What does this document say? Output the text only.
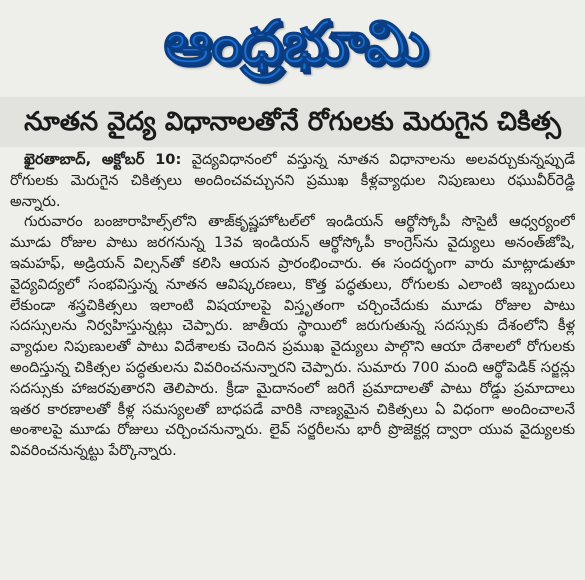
ఆంధ్రభూమి
నూతన వైద్య విధానాలతోనే రోగులకు మెరుగైన చికిత్స

ఖైరతాబాద్, అక్టోబర్ 10: వైద్యవిధానంలో వస్తున్న నూతన విధానాలను అలవర్చుకున్నప్పుడే రోగులకు మెరుగైన చికిత్సలు అందించవచ్చునని ప్రముఖ కీళ్లవ్యాధుల నిపుణులు రఘువీర్‌రెడ్డి అన్నారు.

గురువారం బంజారాహిల్స్‌లోని తాజ్‌కృష్ణహోటల్‌లో ఇండియన్ ఆర్థోస్కోపీ సొసైటీ ఆధ్వర్యంలో మూడు రోజుల పాటు జరగనున్న 13వ ఇండియన్ ఆర్థోస్కోపీ కాంగ్రెస్‌ను వైద్యులు అనంత్‌జోషి, ఇమహఫ్, అడ్రియన్ విల్సన్‌తో కలిసి ఆయన ప్రారంభించారు. ఈ సందర్భంగా వారు మాట్లాడుతూ వైద్యవిద్యలో సంభవిస్తున్న నూతన ఆవిష్కరణలు, కొత్త పద్ధతులు, రోగులకు ఎలాంటి ఇబ్బందులు లేకుండా శస్త్రచికిత్సలు ఇలాంటి విషయాలపై విస్తృతంగా చర్చించేదుకు మూడు రోజుల పాటు సదస్సులను నిర్వహిస్తున్నట్లు చెప్పారు. జాతీయ స్థాయిలో జరుగుతున్న సదస్సుకు దేశంలోని కీళ్ల వ్యాధుల నిపుణులతో పాటు విదేశాలకు చెందిన ప్రముఖ వైద్యులు పాల్గొని ఆయా దేశాలలో రోగులకు అందిస్తున్న చికిత్సల పద్ధతులను వివరించనున్నారని చెప్పారు. సుమారు 700 మంది ఆర్థోపెడిక్ సర్జన్లు సదస్సుకు హాజరవుతారని తెలిపారు. క్రీడా మైదానంలో జరిగే ప్రమాదాలతో పాటు రోడ్డు ప్రమాదాలు ఇతర కారణాలతో కీళ్ల సమస్యలతో బాధపడే వారికి నాణ్యమైన చికిత్సలు ఏ విధంగా అందించాలనే అంశాలపై మూడు రోజులు చర్చించనున్నారు. లైవ్ సర్జరీలను భారీ ప్రొజెక్టర్ల ద్వారా యువ వైద్యులకు వివరించనున్నట్టు పేర్కొన్నారు.
